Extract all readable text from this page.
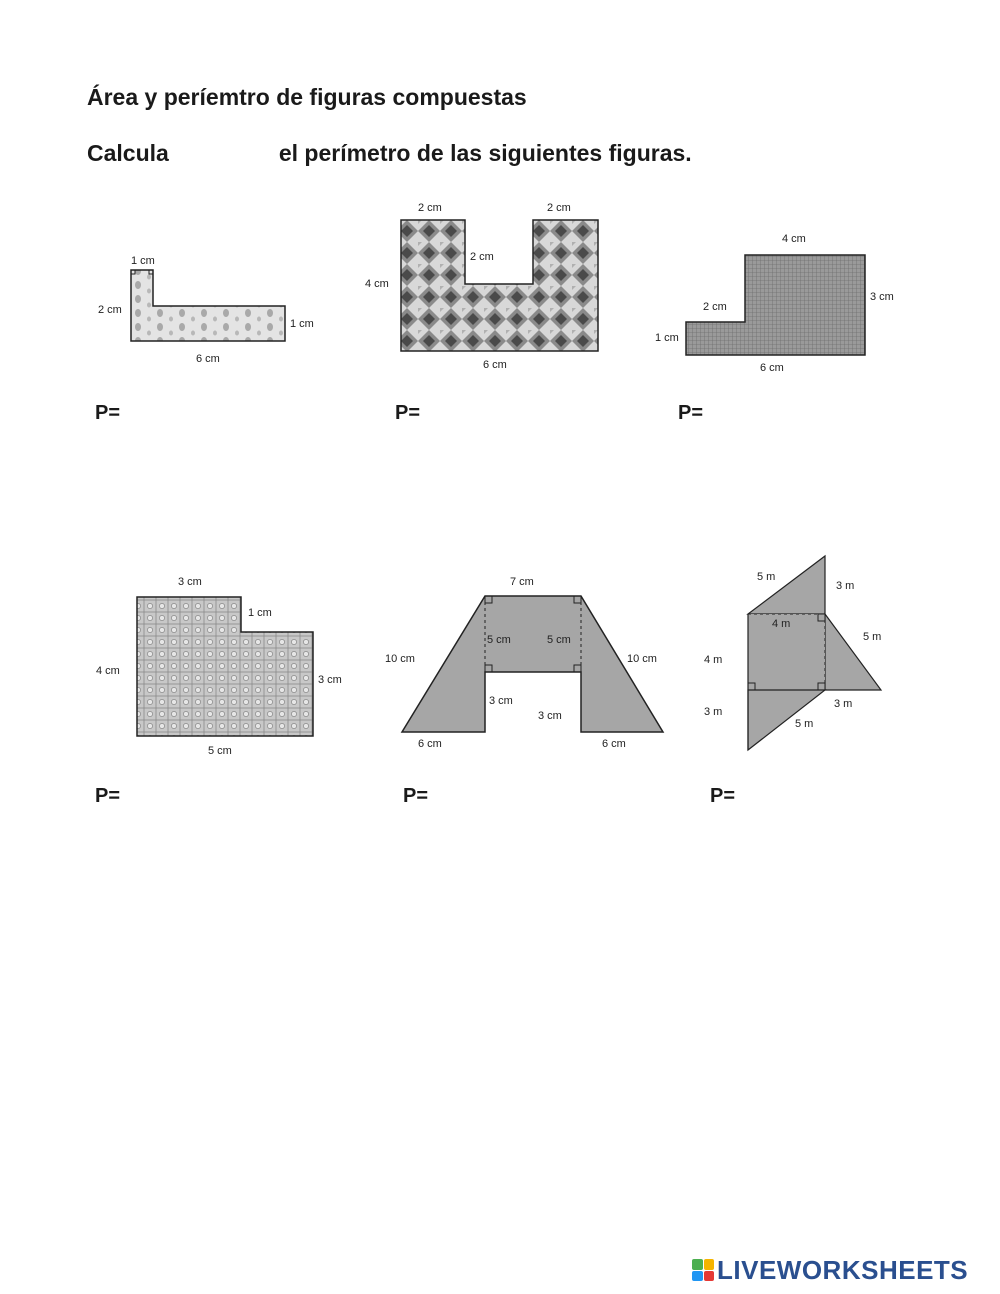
Área y períemtro de figuras compuestas
Calcula	el perímetro de las siguientes figuras.
1 cm
2 cm
1 cm
6 cm
2 cm	2 cm
2 cm
4 cm
6 cm
4 cm
3 cm
2 cm
1 cm
6 cm
3 cm
1 cm
4 cm
3 cm
5 cm
7 cm
10 cm	10 cm
5 cm	5 cm
3 cm
3 cm
6 cm	6 cm
5 m
3 m
4 m
5 m
4 m
3 m
3 m
5 m
P=	P=	P=
P=	P=	P=
LIVEWORKSHEETS
